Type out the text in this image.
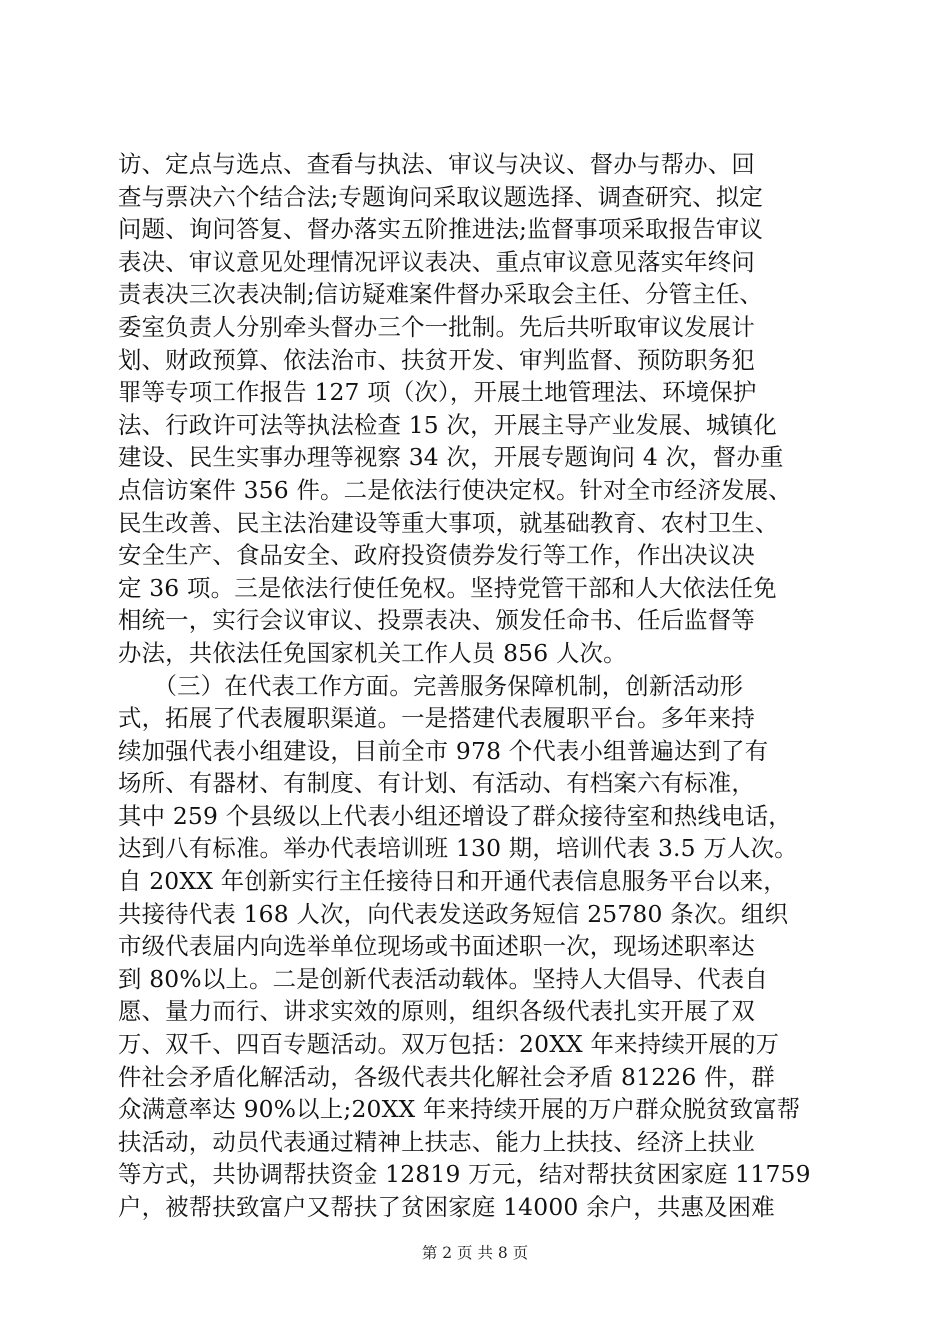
访、定点与选点、查看与执法、审议与决议、督办与帮办、回
查与票决六个结合法;专题询问采取议题选择、调查研究、拟定
问题、询问答复、督办落实五阶推进法;监督事项采取报告审议
表决、审议意见处理情况评议表决、重点审议意见落实年终问
责表决三次表决制;信访疑难案件督办采取会主任、分管主任、
委室负责人分别牵头督办三个一批制。先后共听取审议发展计
划、财政预算、依法治市、扶贫开发、审判监督、预防职务犯
罪等专项工作报告 127 项（次），开展土地管理法、环境保护
法、行政许可法等执法检查 15 次，开展主导产业发展、城镇化
建设、民生实事办理等视察 34 次，开展专题询问 4 次，督办重
点信访案件 356 件。二是依法行使决定权。针对全市经济发展、
民生改善、民主法治建设等重大事项，就基础教育、农村卫生、
安全生产、食品安全、政府投资债券发行等工作，作出决议决
定 36 项。三是依法行使任免权。坚持党管干部和人大依法任免
相统一，实行会议审议、投票表决、颁发任命书、任后监督等
办法，共依法任免国家机关工作人员 856 人次。
　　（三）在代表工作方面。完善服务保障机制，创新活动形
式，拓展了代表履职渠道。一是搭建代表履职平台。多年来持
续加强代表小组建设，目前全市 978 个代表小组普遍达到了有
场所、有器材、有制度、有计划、有活动、有档案六有标准，
其中 259 个县级以上代表小组还增设了群众接待室和热线电话，
达到八有标准。举办代表培训班 130 期，培训代表 3.5 万人次。
自 20XX 年创新实行主任接待日和开通代表信息服务平台以来，
共接待代表 168 人次，向代表发送政务短信 25780 条次。组织
市级代表届内向选举单位现场或书面述职一次，现场述职率达
到 80%以上。二是创新代表活动载体。坚持人大倡导、代表自
愿、量力而行、讲求实效的原则，组织各级代表扎实开展了双
万、双千、四百专题活动。双万包括：20XX 年来持续开展的万
件社会矛盾化解活动，各级代表共化解社会矛盾 81226 件，群
众满意率达 90%以上;20XX 年来持续开展的万户群众脱贫致富帮
扶活动，动员代表通过精神上扶志、能力上扶技、经济上扶业
等方式，共协调帮扶资金 12819 万元，结对帮扶贫困家庭 11759
户，被帮扶致富户又帮扶了贫困家庭 14000 余户，共惠及困难
第 2 页 共 8 页
